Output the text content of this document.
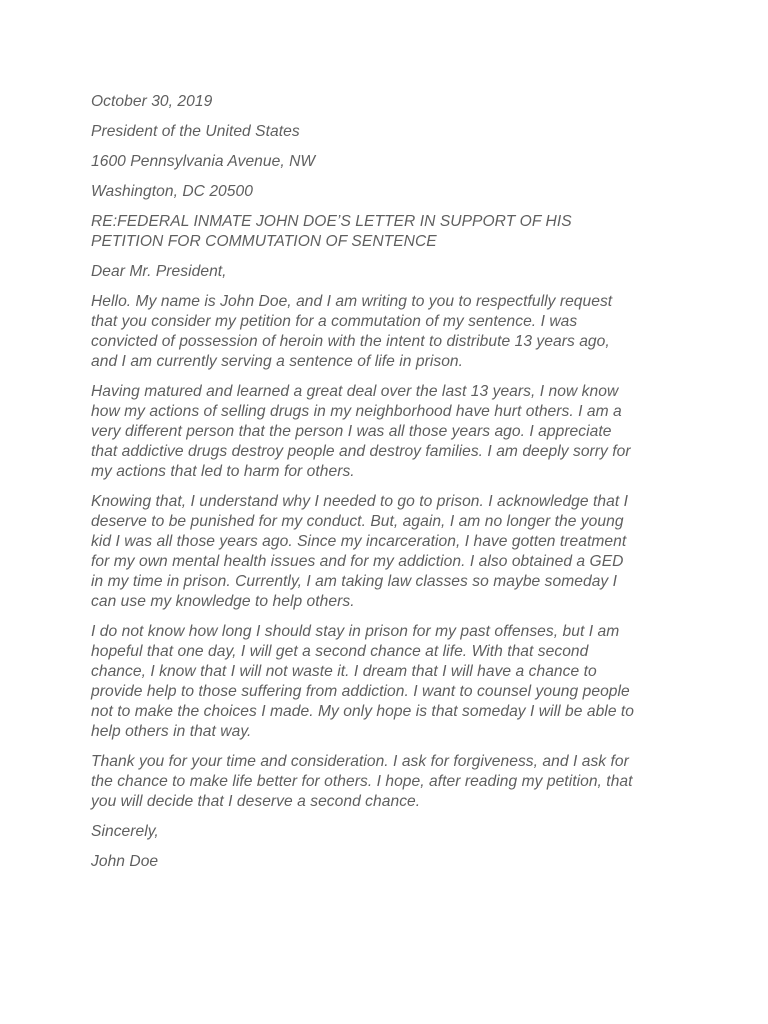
October 30, 2019
President of the United States
1600 Pennsylvania Avenue, NW
Washington, DC 20500
RE:FEDERAL INMATE JOHN DOE’S LETTER IN SUPPORT OF HIS
PETITION FOR COMMUTATION OF SENTENCE
Dear Mr. President,
Hello. My name is John Doe, and I am writing to you to respectfully request
that you consider my petition for a commutation of my sentence. I was
convicted of possession of heroin with the intent to distribute 13 years ago,
and I am currently serving a sentence of life in prison.
Having matured and learned a great deal over the last 13 years, I now know
how my actions of selling drugs in my neighborhood have hurt others. I am a
very different person that the person I was all those years ago. I appreciate
that addictive drugs destroy people and destroy families. I am deeply sorry for
my actions that led to harm for others.
Knowing that, I understand why I needed to go to prison. I acknowledge that I
deserve to be punished for my conduct. But, again, I am no longer the young
kid I was all those years ago. Since my incarceration, I have gotten treatment
for my own mental health issues and for my addiction. I also obtained a GED
in my time in prison. Currently, I am taking law classes so maybe someday I
can use my knowledge to help others.
I do not know how long I should stay in prison for my past offenses, but I am
hopeful that one day, I will get a second chance at life. With that second
chance, I know that I will not waste it. I dream that I will have a chance to
provide help to those suffering from addiction. I want to counsel young people
not to make the choices I made. My only hope is that someday I will be able to
help others in that way.
Thank you for your time and consideration. I ask for forgiveness, and I ask for
the chance to make life better for others. I hope, after reading my petition, that
you will decide that I deserve a second chance.
Sincerely,
John Doe
